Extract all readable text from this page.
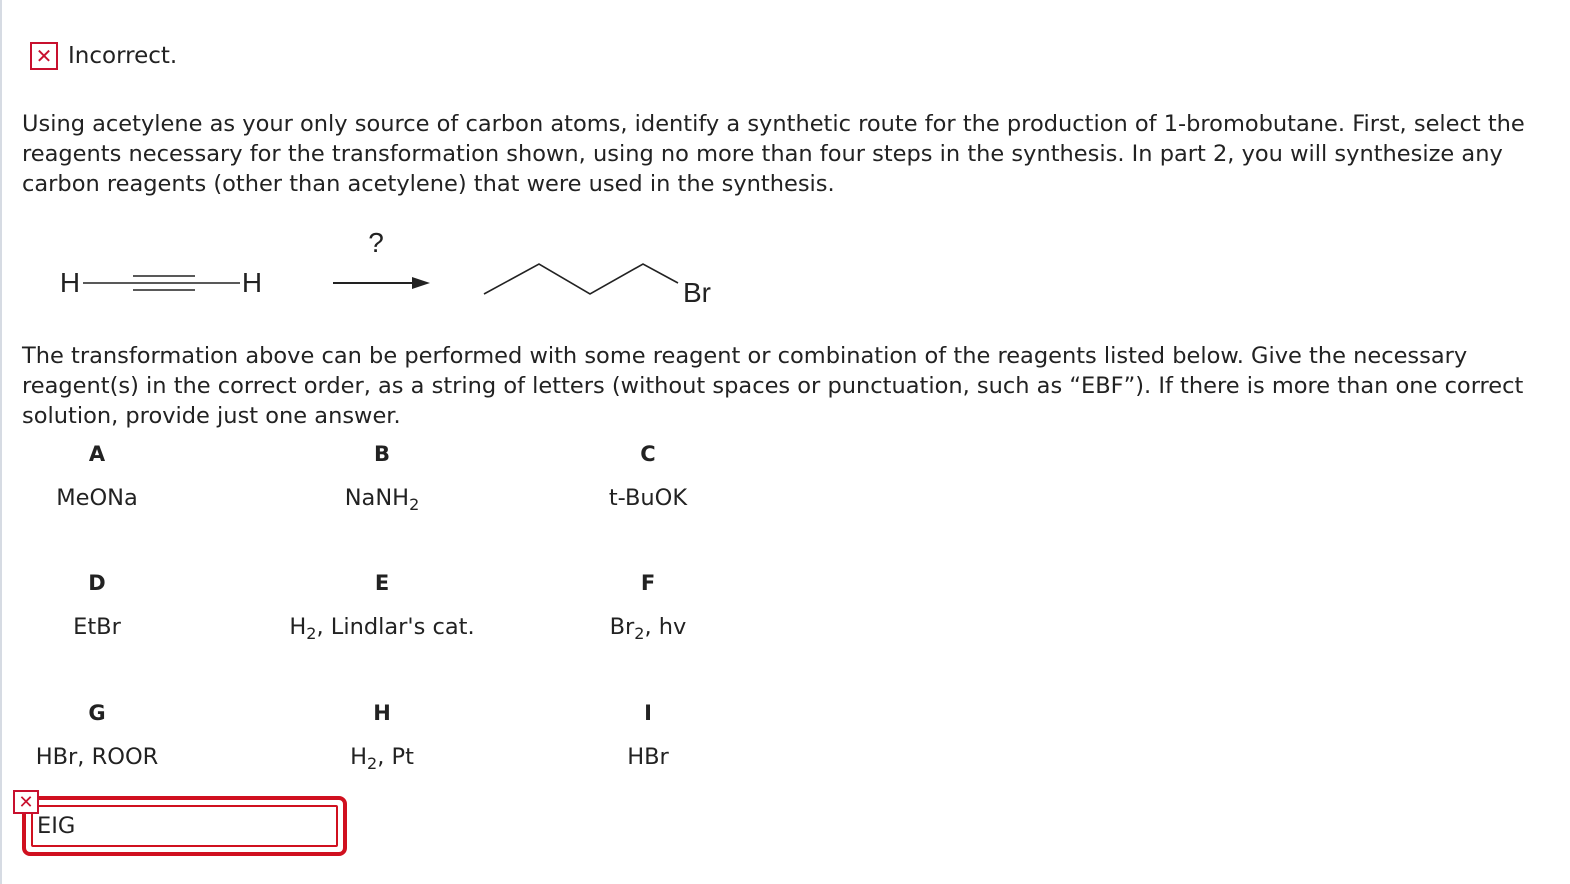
✕ Incorrect.
Using acetylene as your only source of carbon atoms, identify a synthetic route for the production of 1-bromobutane. First, select the reagents necessary for the transformation shown, using no more than four steps in the synthesis. In part 2, you will synthesize any carbon reagents (other than acetylene) that were used in the synthesis.
H	H
?
Br
The transformation above can be performed with some reagent or combination of the reagents listed below. Give the necessary reagent(s) in the correct order, as a string of letters (without spaces or punctuation, such as “EBF”). If there is more than one correct solution, provide just one answer.
A
MeONa
B
NaNH$_2$
C
t-BuOK
D
EtBr
E
$H_2$, Lindlar's cat.
F
$Br_2$, hv
G
HBr, ROOR
H
$H_2$, Pt
I
HBr
✕
EIG
